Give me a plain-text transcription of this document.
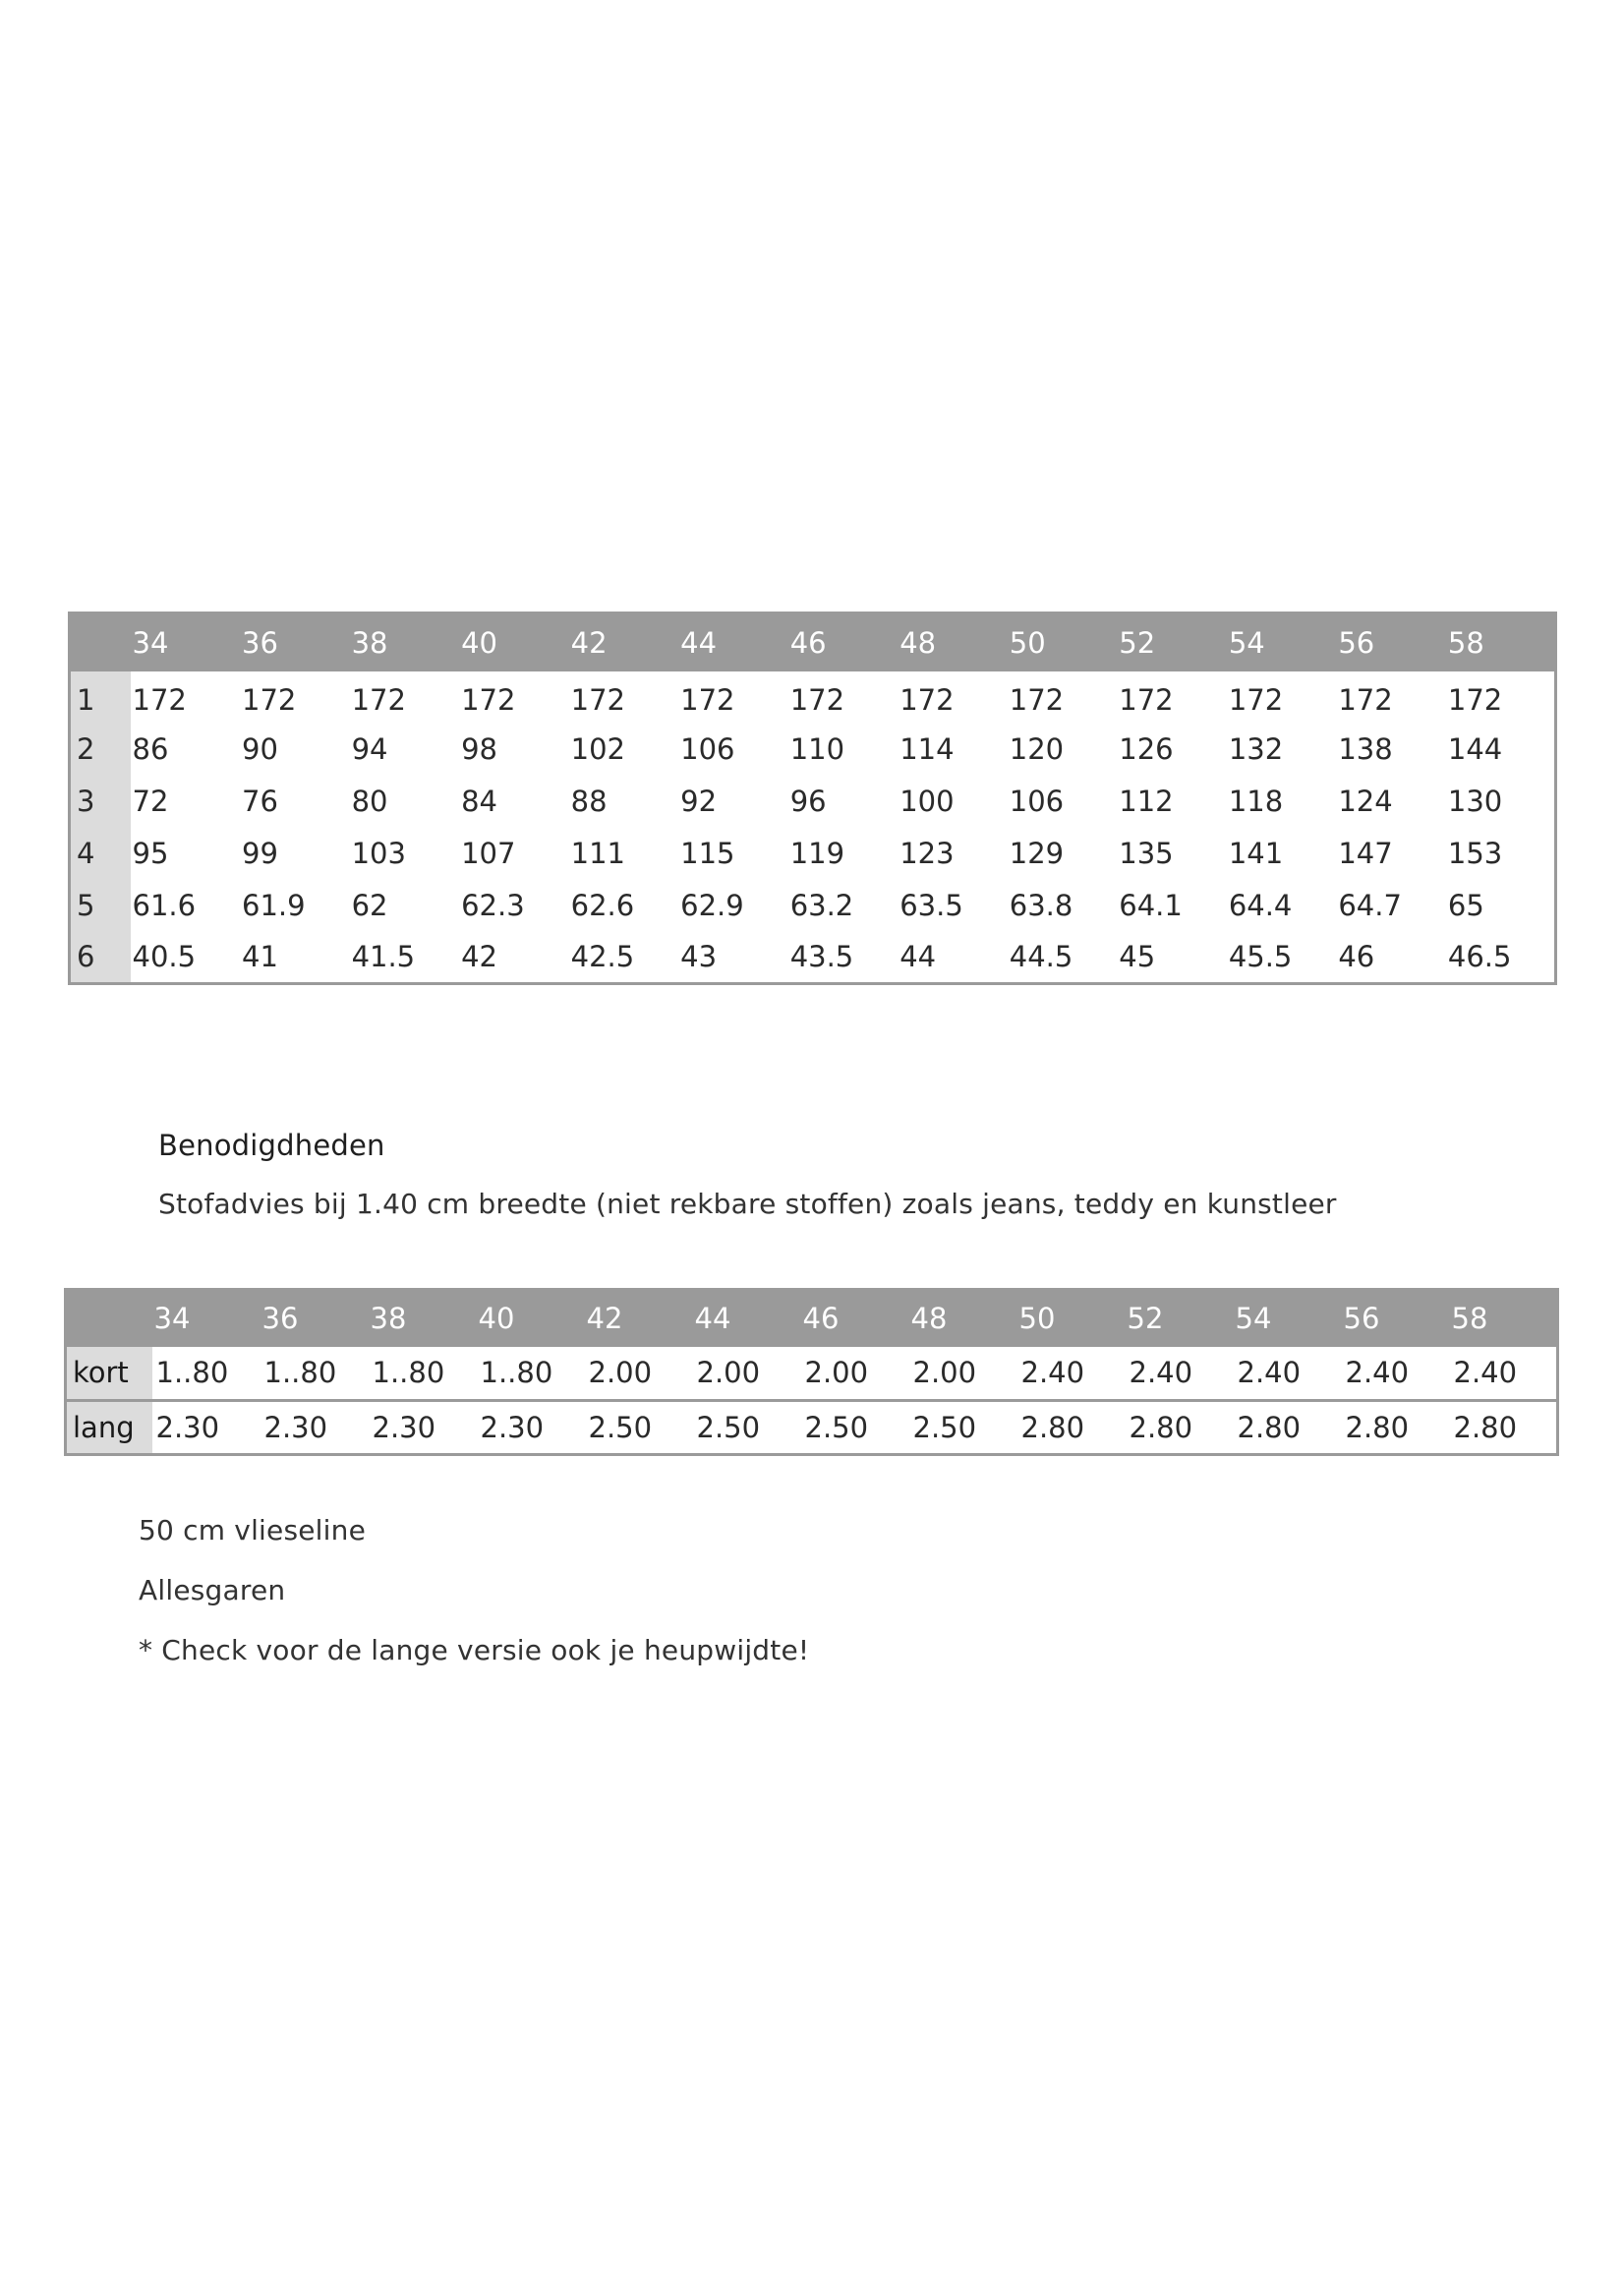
	34	36	38	40	42	44	46	48	50	52	54	56	58
1	172	172	172	172	172	172	172	172	172	172	172	172	172
2	86	90	94	98	102	106	110	114	120	126	132	138	144
3	72	76	80	84	88	92	96	100	106	112	118	124	130
4	95	99	103	107	111	115	119	123	129	135	141	147	153
5	61.6	61.9	62	62.3	62.6	62.9	63.2	63.5	63.8	64.1	64.4	64.7	65
6	40.5	41	41.5	42	42.5	43	43.5	44	44.5	45	45.5	46	46.5
Benodigdheden

Stofadvies bij 1.40 cm breedte (niet rekbare stoffen) zoals jeans, teddy en kunstleer

	34	36	38	40	42	44	46	48	50	52	54	56	58
kort	1..80	1..80	1..80	1..80	2.00	2.00	2.00	2.00	2.40	2.40	2.40	2.40	2.40
lang	2.30	2.30	2.30	2.30	2.50	2.50	2.50	2.50	2.80	2.80	2.80	2.80	2.80

50 cm vlieseline

Allesgaren

* Check voor de lange versie ook je heupwijdte!
